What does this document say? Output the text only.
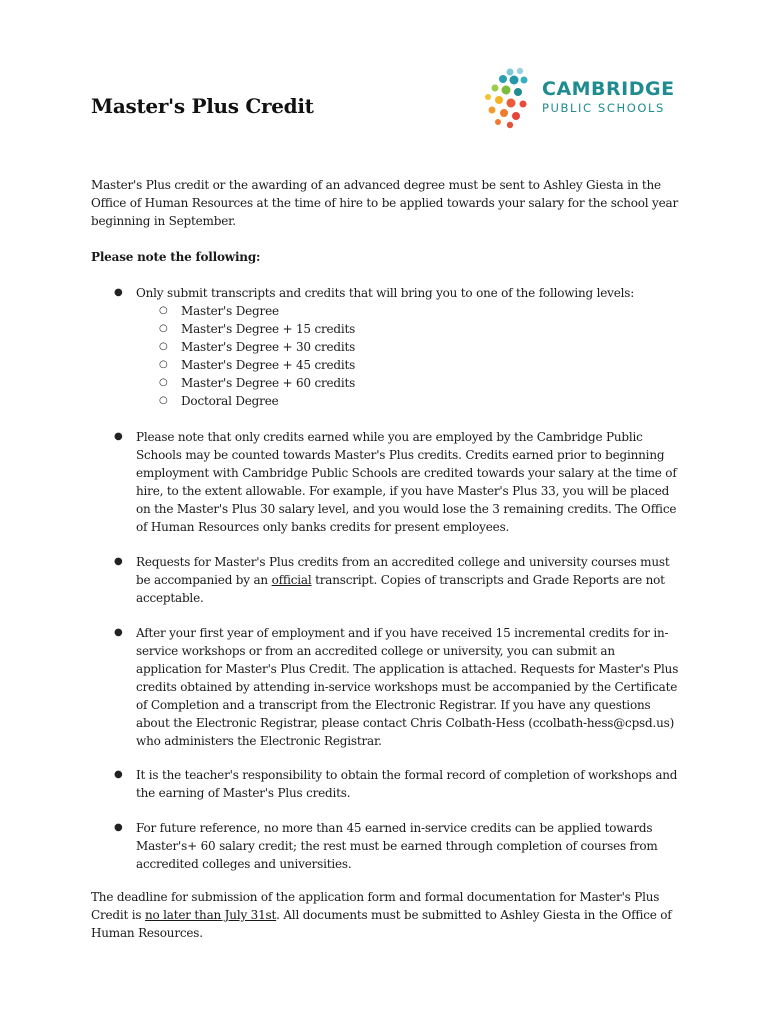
Master's Plus Credit
CAMBRIDGE
PUBLIC SCHOOLS
Master's Plus credit or the awarding of an advanced degree must be sent to Ashley Giesta in the Office of Human Resources at the time of hire to be applied towards your salary for the school year beginning in September.
Please note the following:
● Only submit transcripts and credits that will bring you to one of the following levels:
○ Master's Degree
○ Master's Degree + 15 credits
○ Master's Degree + 30 credits
○ Master's Degree + 45 credits
○ Master's Degree + 60 credits
○ Doctoral Degree
● Please note that only credits earned while you are employed by the Cambridge Public Schools may be counted towards Master's Plus credits. Credits earned prior to beginning employment with Cambridge Public Schools are credited towards your salary at the time of hire, to the extent allowable. For example, if you have Master's Plus 33, you will be placed on the Master's Plus 30 salary level, and you would lose the 3 remaining credits. The Office of Human Resources only banks credits for present employees.
● Requests for Master's Plus credits from an accredited college and university courses must be accompanied by an official transcript. Copies of transcripts and Grade Reports are not acceptable.
● After your first year of employment and if you have received 15 incremental credits for in-service workshops or from an accredited college or university, you can submit an application for Master's Plus Credit. The application is attached. Requests for Master's Plus credits obtained by attending in-service workshops must be accompanied by the Certificate of Completion and a transcript from the Electronic Registrar. If you have any questions about the Electronic Registrar, please contact Chris Colbath-Hess (ccolbath-hess@cpsd.us) who administers the Electronic Registrar.
● It is the teacher's responsibility to obtain the formal record of completion of workshops and the earning of Master's Plus credits.
● For future reference, no more than 45 earned in-service credits can be applied towards Master's+ 60 salary credit; the rest must be earned through completion of courses from accredited colleges and universities.
The deadline for submission of the application form and formal documentation for Master's Plus Credit is no later than July 31st. All documents must be submitted to Ashley Giesta in the Office of Human Resources.
